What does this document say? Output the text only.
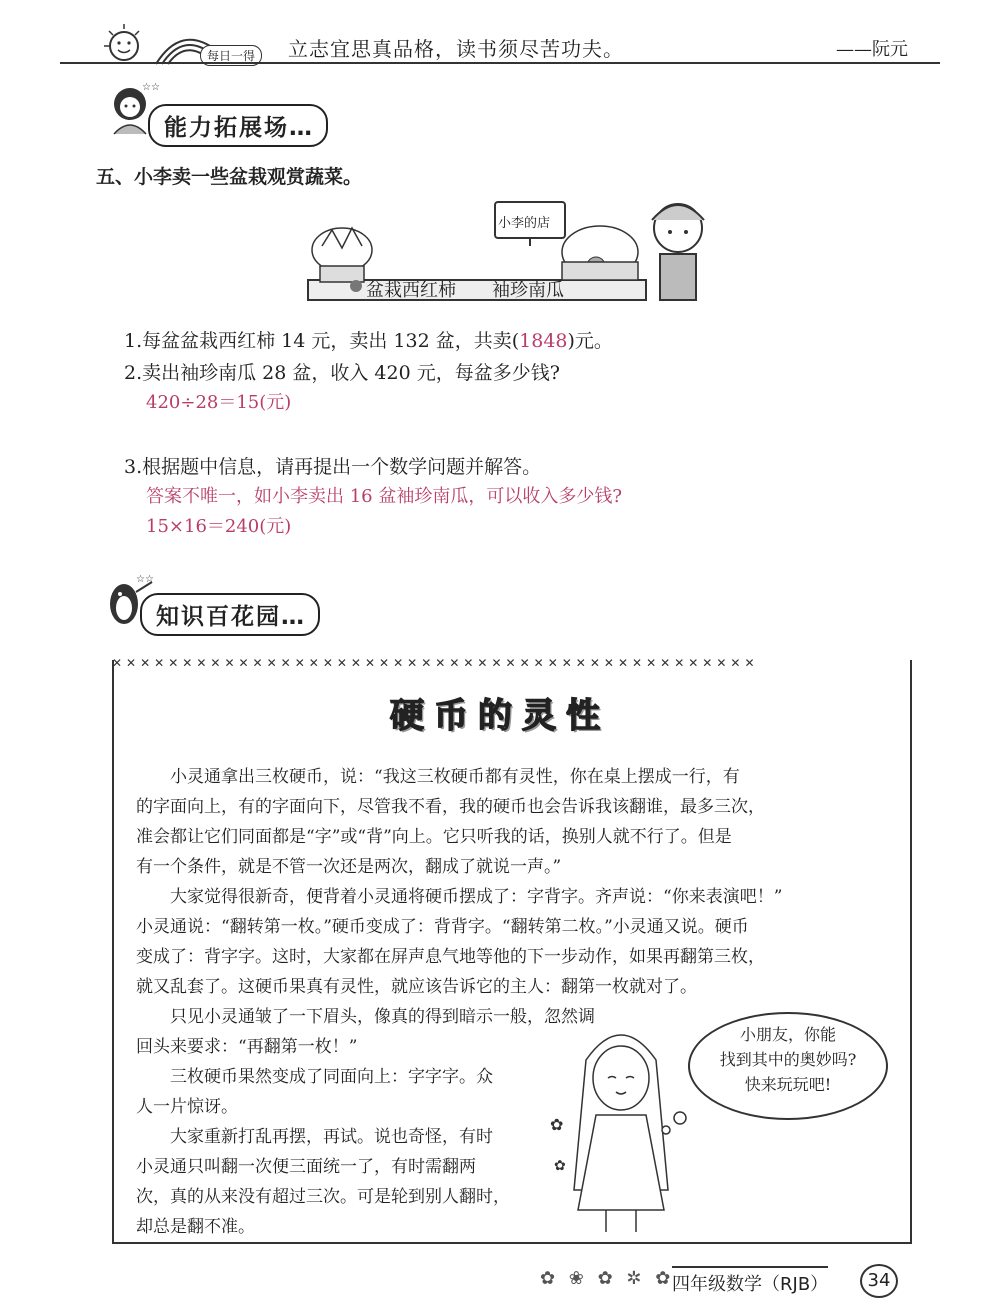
每日一得	立志宜思真品格，读书须尽苦功夫。	——阮元
☆☆
能力拓展场…
五、小李卖一些盆栽观赏蔬菜。
小李的店
盆栽西红柿 袖珍南瓜
1.每盆盆栽西红柿 14 元，卖出 132 盆，共卖(1848)元。
2.卖出袖珍南瓜 28 盆，收入 420 元，每盆多少钱?
420÷28＝15(元)
3.根据题中信息，请再提出一个数学问题并解答。
答案不唯一，如小李卖出 16 盆袖珍南瓜，可以收入多少钱?
15×16＝240(元)
☆☆
知识百花园…
✕✕✕✕✕✕✕✕✕✕✕✕✕✕✕✕✕✕✕✕✕✕✕✕✕✕✕✕✕✕✕✕✕✕✕✕✕✕✕✕✕✕✕✕✕✕
硬币的灵性
小灵通拿出三枚硬币，说：“我这三枚硬币都有灵性，你在桌上摆成一行，有
的字面向上，有的字面向下，尽管我不看，我的硬币也会告诉我该翻谁，最多三次，
准会都让它们同面都是“字”或“背”向上。它只听我的话，换别人就不行了。但是
有一个条件，就是不管一次还是两次，翻成了就说一声。”
大家觉得很新奇，便背着小灵通将硬币摆成了：字背字。齐声说：“你来表演吧！”
小灵通说：“翻转第一枚。”硬币变成了：背背字。“翻转第二枚。”小灵通又说。硬币
变成了：背字字。这时，大家都在屏声息气地等他的下一步动作，如果再翻第三枚，
就又乱套了。这硬币果真有灵性，就应该告诉它的主人：翻第一枚就对了。
只见小灵通皱了一下眉头，像真的得到暗示一般，忽然调
回头来要求：“再翻第一枚！”
三枚硬币果然变成了同面向上：字字字。众
人一片惊讶。
大家重新打乱再摆，再试。说也奇怪，有时
小灵通只叫翻一次便三面统一了，有时需翻两
次，真的从来没有超过三次。可是轮到别人翻时，
却总是翻不准。
✿
✿
小朋友，你能
找到其中的奥妙吗?
快来玩玩吧!
✿ ❀ ✿ ✲ ✿
四年级数学（RJB）	34
